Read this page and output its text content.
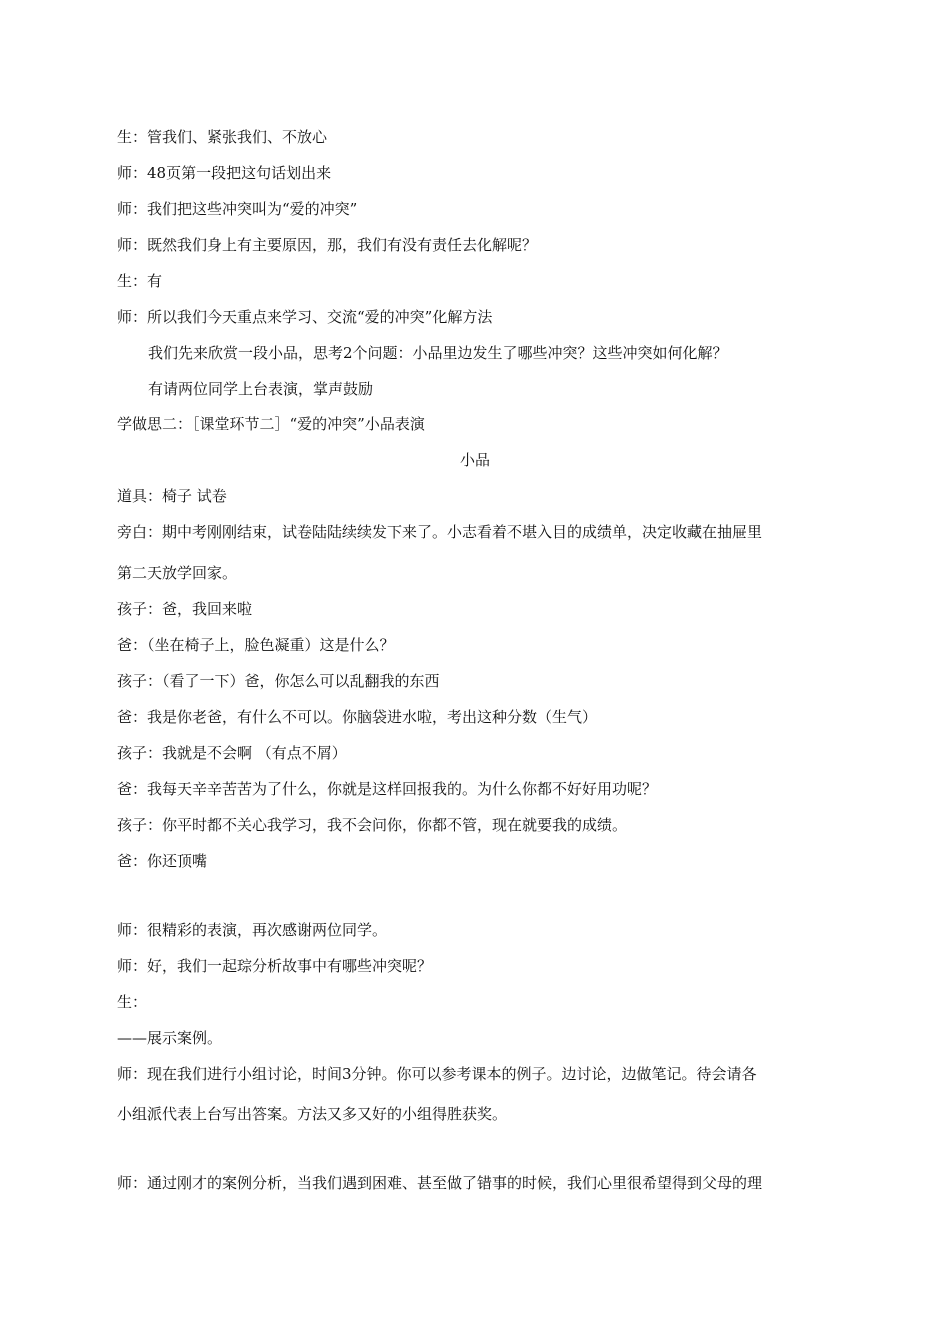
生：管我们、紧张我们、不放心
师：48页第一段把这句话划出来
师：我们把这些冲突叫为“爱的冲突”
师：既然我们身上有主要原因，那，我们有没有责任去化解呢？
生：有
师：所以我们今天重点来学习、交流“爱的冲突”化解方法
我们先来欣赏一段小品，思考2个问题：小品里边发生了哪些冲突？这些冲突如何化解？
有请两位同学上台表演，掌声鼓励
学做思二：［课堂环节二］“爱的冲突”小品表演
小品
道具：椅子 试卷
旁白：期中考刚刚结束，试卷陆陆续续发下来了。小志看着不堪入目的成绩单，决定收藏在抽屉里
第二天放学回家。
孩子：爸，我回来啦
爸：（坐在椅子上，脸色凝重）这是什么？
孩子：（看了一下）爸，你怎么可以乱翻我的东西
爸：我是你老爸，有什么不可以。你脑袋进水啦，考出这种分数（生气）
孩子：我就是不会啊 （有点不屑）
爸：我每天辛辛苦苦为了什么，你就是这样回报我的。为什么你都不好好用功呢？
孩子：你平时都不关心我学习，我不会问你，你都不管，现在就要我的成绩。
爸：你还顶嘴
师：很精彩的表演，再次感谢两位同学。
师：好，我们一起琮分析故事中有哪些冲突呢？
生：
——展示案例。
师：现在我们进行小组讨论，时间3分钟。你可以参考课本的例子。边讨论，边做笔记。待会请各
小组派代表上台写出答案。方法又多又好的小组得胜获奖。
师：通过刚才的案例分析，当我们遇到困难、甚至做了错事的时候，我们心里很希望得到父母的理
